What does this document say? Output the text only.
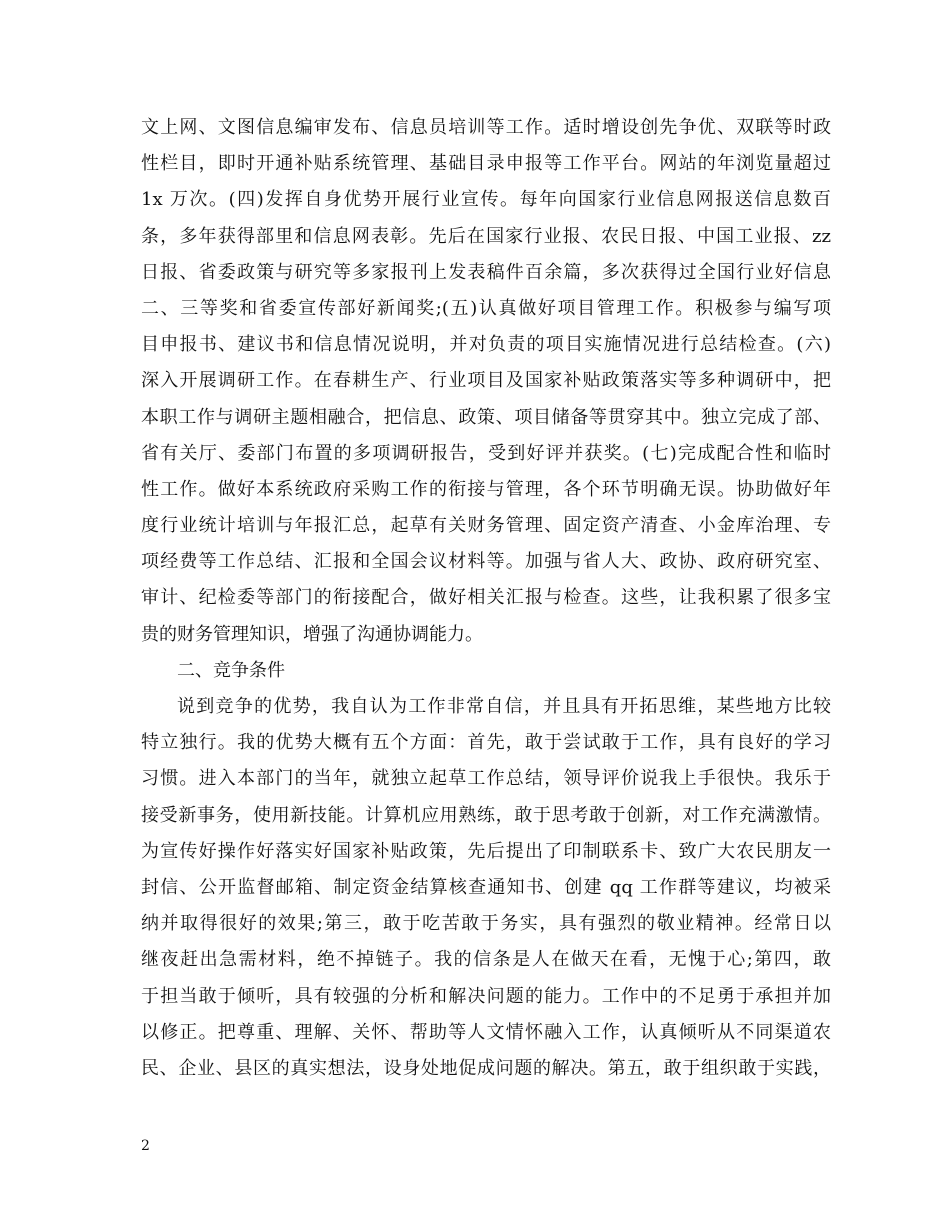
文上网、文图信息编审发布、信息员培训等工作。适时增设创先争优、双联等时政
性栏目，即时开通补贴系统管理、基础目录申报等工作平台。网站的年浏览量超过
1x 万次。(四)发挥自身优势开展行业宣传。每年向国家行业信息网报送信息数百
条，多年获得部里和信息网表彰。先后在国家行业报、农民日报、中国工业报、zz
日报、省委政策与研究等多家报刊上发表稿件百余篇，多次获得过全国行业好信息
二、三等奖和省委宣传部好新闻奖;(五)认真做好项目管理工作。积极参与编写项
目申报书、建议书和信息情况说明，并对负责的项目实施情况进行总结检查。(六)
深入开展调研工作。在春耕生产、行业项目及国家补贴政策落实等多种调研中，把
本职工作与调研主题相融合，把信息、政策、项目储备等贯穿其中。独立完成了部、
省有关厅、委部门布置的多项调研报告，受到好评并获奖。(七)完成配合性和临时
性工作。做好本系统政府采购工作的衔接与管理，各个环节明确无误。协助做好年
度行业统计培训与年报汇总，起草有关财务管理、固定资产清查、小金库治理、专
项经费等工作总结、汇报和全国会议材料等。加强与省人大、政协、政府研究室、
审计、纪检委等部门的衔接配合，做好相关汇报与检查。这些，让我积累了很多宝
贵的财务管理知识，增强了沟通协调能力。
二、竞争条件
说到竞争的优势，我自认为工作非常自信，并且具有开拓思维，某些地方比较
特立独行。我的优势大概有五个方面：首先，敢于尝试敢于工作，具有良好的学习
习惯。进入本部门的当年，就独立起草工作总结，领导评价说我上手很快。我乐于
接受新事务，使用新技能。计算机应用熟练，敢于思考敢于创新，对工作充满激情。
为宣传好操作好落实好国家补贴政策，先后提出了印制联系卡、致广大农民朋友一
封信、公开监督邮箱、制定资金结算核查通知书、创建 qq 工作群等建议，均被采
纳并取得很好的效果;第三，敢于吃苦敢于务实，具有强烈的敬业精神。经常日以
继夜赶出急需材料，绝不掉链子。我的信条是人在做天在看，无愧于心;第四，敢
于担当敢于倾听，具有较强的分析和解决问题的能力。工作中的不足勇于承担并加
以修正。把尊重、理解、关怀、帮助等人文情怀融入工作，认真倾听从不同渠道农
民、企业、县区的真实想法，设身处地促成问题的解决。第五，敢于组织敢于实践，
2
